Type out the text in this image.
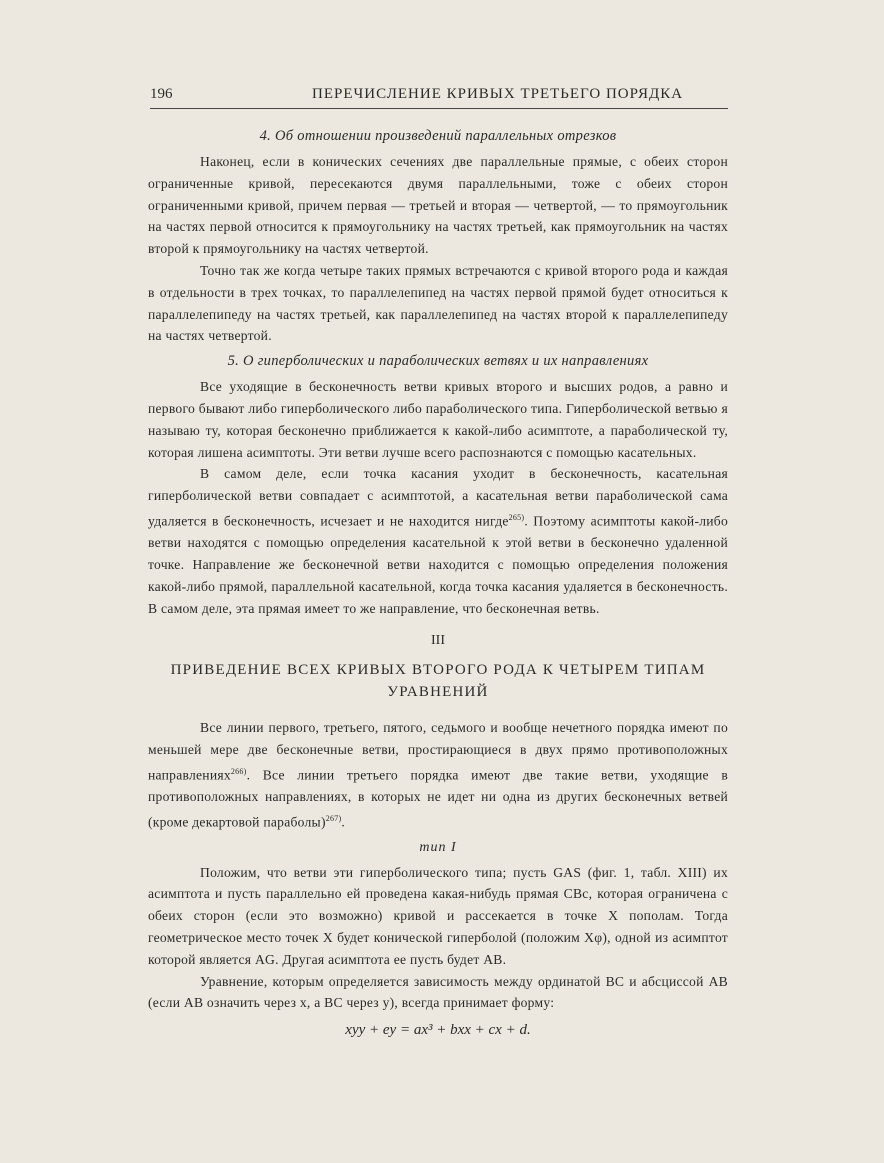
196	ПЕРЕЧИСЛЕНИЕ КРИВЫХ ТРЕТЬЕГО ПОРЯДКА
4. Об отношении произведений параллельных отрезков

Наконец, если в конических сечениях две параллельные прямые, с обеих сторон ограниченные кривой, пересекаются двумя параллельными, тоже с обеих сторон ограниченными кривой, причем первая — третьей и вторая — четвертой, — то прямоугольник на частях первой относится к прямоугольнику на частях третьей, как прямоугольник на частях второй к прямоугольнику на частях четвертой.

Точно так же когда четыре таких прямых встречаются с кривой второго рода и каждая в отдельности в трех точках, то параллелепипед на частях первой прямой будет относиться к параллелепипеду на частях третьей, как параллелепипед на частях второй к параллелепипеду на частях четвертой.

5. О гиперболических и параболических ветвях и их направлениях

Все уходящие в бесконечность ветви кривых второго и высших родов, а равно и первого бывают либо гиперболического либо параболического типа. Гиперболической ветвью я называю ту, которая бесконечно приближается к какой-либо асимптоте, а параболической ту, которая лишена асимптоты. Эти ветви лучше всего распознаются с помощью касательных.

В самом деле, если точка касания уходит в бесконечность, касательная гиперболической ветви совпадает с асимптотой, а касательная ветви параболической сама удаляется в бесконечность, исчезает и не находится нигде$^{265)}$. Поэтому асимптоты какой-либо ветви находятся с помощью определения касательной к этой ветви в бесконечно удаленной точке. Направление же бесконечной ветви находится с помощью определения положения какой-либо прямой, параллельной касательной, когда точка касания удаляется в бесконечность. В самом деле, эта прямая имеет то же направление, что бесконечная ветвь.

III
ПРИВЕДЕНИЕ ВСЕХ КРИВЫХ ВТОРОГО РОДА К ЧЕТЫРЕМ ТИПАМ УРАВНЕНИЙ

Все линии первого, третьего, пятого, седьмого и вообще нечетного порядка имеют по меньшей мере две бесконечные ветви, простирающиеся в двух прямо противоположных направлениях$^{266)}$. Все линии третьего порядка имеют две такие ветви, уходящие в противоположных направлениях, в которых не идет ни одна из других бесконечных ветвей (кроме декартовой параболы)$^{267)}$.

тип I

Положим, что ветви эти гиперболического типа; пусть GAS (фиг. 1, табл. XIII) их асимптота и пусть параллельно ей проведена какая-нибудь прямая CBc, которая ограничена с обеих сторон (если это возможно) кривой и рассекается в точке X пополам. Тогда геометрическое место точек X будет конической гиперболой (положим Xφ), одной из асимптот которой является AG. Другая асимптота ее пусть будет AB.

Уравнение, которым определяется зависимость между ординатой BC и абсциссой AB (если AB означить через x, а BC через y), всегда принимает форму:

xyy + ey = ax³ + bxx + cx + d.
